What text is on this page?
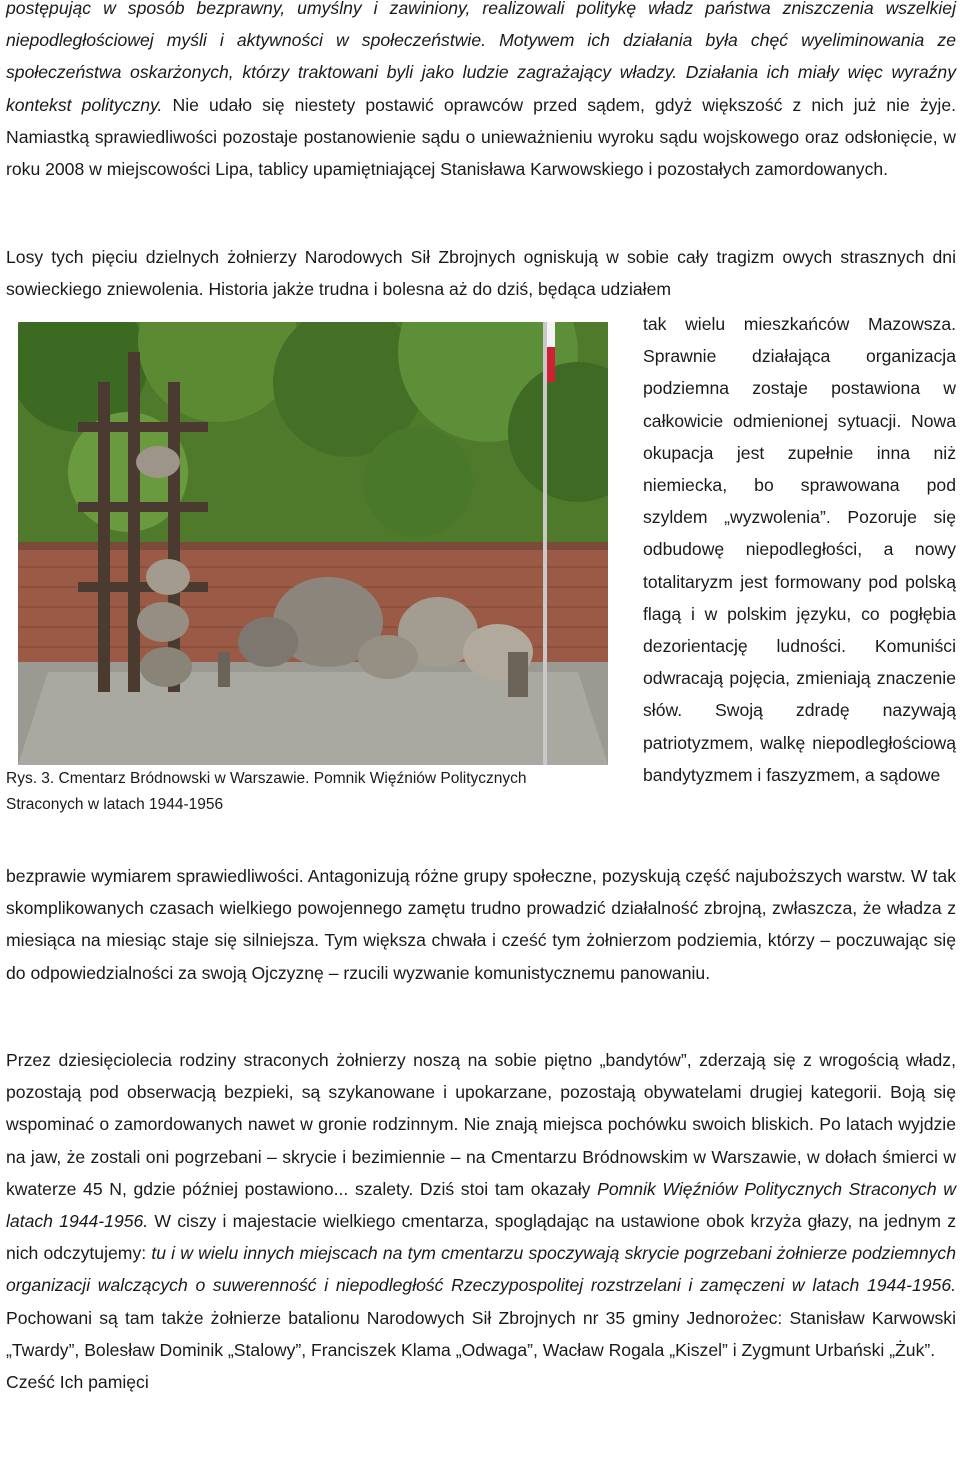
postępując w sposób bezprawny, umyślny i zawiniony, realizowali politykę władz państwa zniszczenia wszelkiej niepodległościowej myśli i aktywności w społeczeństwie. Motywem ich działania była chęć wyeliminowania ze społeczeństwa oskarżonych, którzy traktowani byli jako ludzie zagrażający władzy. Działania ich miały więc wyraźny kontekst polityczny. Nie udało się niestety postawić oprawców przed sądem, gdyż większość z nich już nie żyje. Namiastką sprawiedliwości pozostaje postanowienie sądu o unieważnieniu wyroku sądu wojskowego oraz odsłonięcie, w roku 2008 w miejscowości Lipa, tablicy upamiętniającej Stanisława Karwowskiego i pozostałych zamordowanych.

Losy tych pięciu dzielnych żołnierzy Narodowych Sił Zbrojnych ogniskują w sobie cały tragizm owych strasznych dni sowieckiego zniewolenia. Historia jakże trudna i bolesna aż do dziś, będąca udziałem

Rys. 3. Cmentarz Bródnowski w Warszawie. Pomnik Więźniów Politycznych Straconych w latach 1944-1956

tak wielu mieszkańców Mazowsza. Sprawnie działająca organizacja podziemna zostaje postawiona w całkowicie odmienionej sytuacji. Nowa okupacja jest zupełnie inna niż niemiecka, bo sprawowana pod szyldem „wyzwolenia”. Pozoruje się odbudowę niepodległości, a nowy totalitaryzm jest formowany pod polską flagą i w polskim języku, co pogłębia dezorientację ludności. Komuniści odwracają pojęcia, zmieniają znaczenie słów. Swoją zdradę nazywają patriotyzmem, walkę niepodległościową bandytyzmem i faszyzmem, a sądowe

bezprawie wymiarem sprawiedliwości. Antagonizują różne grupy społeczne, pozyskują część najuboższych warstw. W tak skomplikowanych czasach wielkiego powojennego zamętu trudno prowadzić działalność zbrojną, zwłaszcza, że władza z miesiąca na miesiąc staje się silniejsza. Tym większa chwała i cześć tym żołnierzom podziemia, którzy – poczuwając się do odpowiedzialności za swoją Ojczyznę – rzucili wyzwanie komunistycznemu panowaniu.

Przez dziesięciolecia rodziny straconych żołnierzy noszą na sobie piętno „bandytów”, zderzają się z wrogością władz, pozostają pod obserwacją bezpieki, są szykanowane i upokarzane, pozostają obywatelami drugiej kategorii. Boją się wspominać o zamordowanych nawet w gronie rodzinnym. Nie znają miejsca pochówku swoich bliskich. Po latach wyjdzie na jaw, że zostali oni pogrzebani – skrycie i bezimiennie – na Cmentarzu Bródnowskim w Warszawie, w dołach śmierci w kwaterze 45 N, gdzie później postawiono... szalety. Dziś stoi tam okazały Pomnik Więźniów Politycznych Straconych w latach 1944-1956. W ciszy i majestacie wielkiego cmentarza, spoglądając na ustawione obok krzyża głazy, na jednym z nich odczytujemy: tu i w wielu innych miejscach na tym cmentarzu spoczywają skrycie pogrzebani żołnierze podziemnych organizacji walczących o suwerenność i niepodległość Rzeczypospolitej rozstrzelani i zamęczeni w latach 1944-1956. Pochowani są tam także żołnierze batalionu Narodowych Sił Zbrojnych nr 35 gminy Jednorożec: Stanisław Karwowski „Twardy”, Bolesław Dominik „Stalowy”, Franciszek Klama „Odwaga”, Wacław Rogala „Kiszel” i Zygmunt Urbański „Żuk”.
Cześć Ich pamięci
